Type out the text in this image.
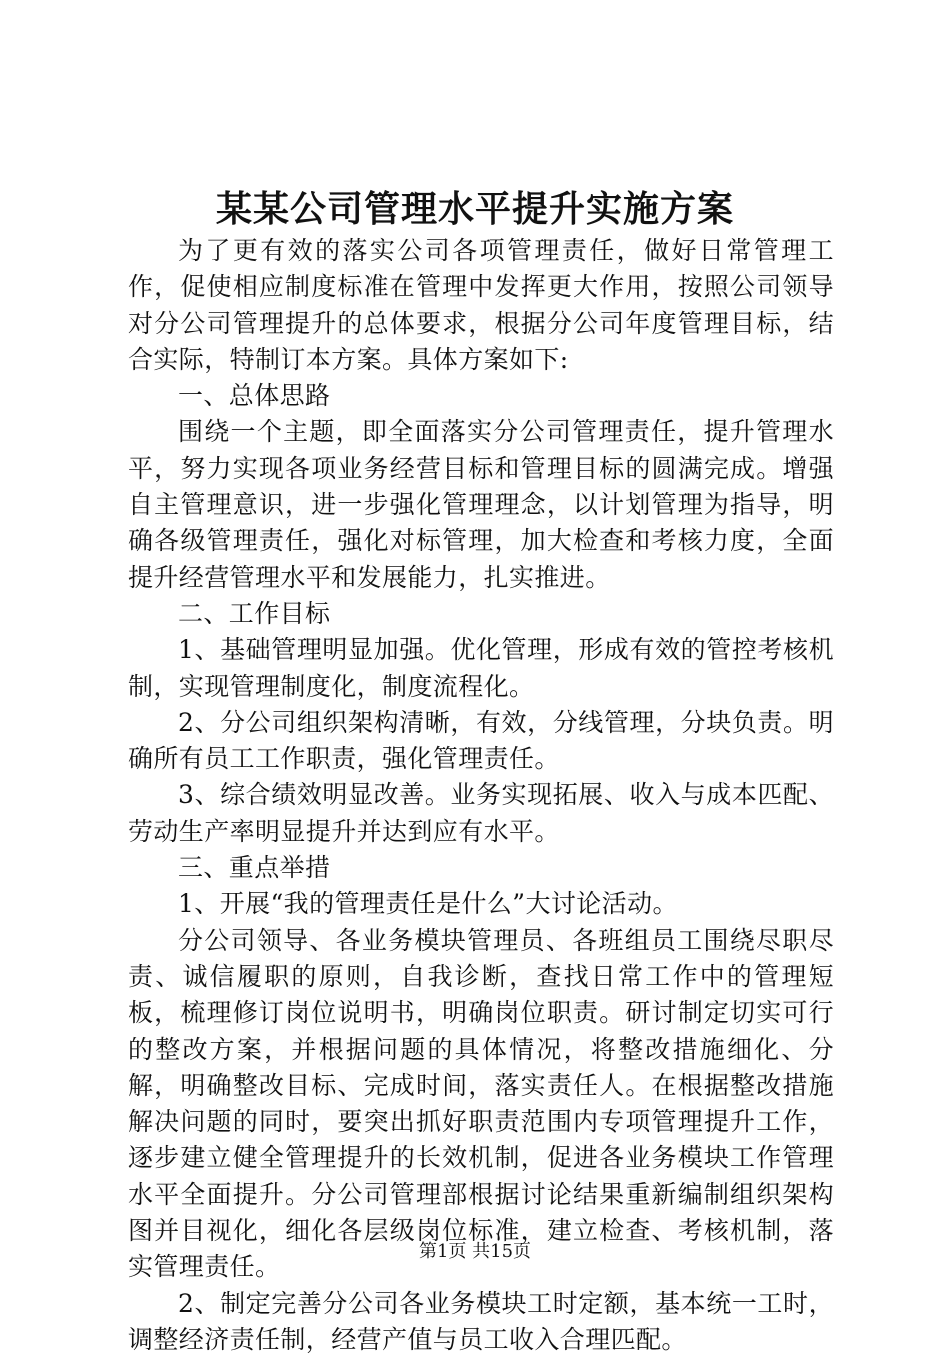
某某公司管理水平提升实施方案

为了更有效的落实公司各项管理责任，做好日常管理工作，促使相应制度标准在管理中发挥更大作用，按照公司领导对分公司管理提升的总体要求，根据分公司年度管理目标，结合实际，特制订本方案。具体方案如下:

一、总体思路

围绕一个主题，即全面落实分公司管理责任，提升管理水平，努力实现各项业务经营目标和管理目标的圆满完成。增强自主管理意识，进一步强化管理理念，以计划管理为指导，明确各级管理责任，强化对标管理，加大检查和考核力度，全面提升经营管理水平和发展能力，扎实推进。

二、工作目标

1、基础管理明显加强。优化管理，形成有效的管控考核机制，实现管理制度化，制度流程化。

2、分公司组织架构清晰，有效，分线管理，分块负责。明确所有员工工作职责，强化管理责任。

3、综合绩效明显改善。业务实现拓展、收入与成本匹配、劳动生产率明显提升并达到应有水平。

三、重点举措

1、开展“我的管理责任是什么”大讨论活动。

分公司领导、各业务模块管理员、各班组员工围绕尽职尽责、诚信履职的原则，自我诊断，查找日常工作中的管理短板，梳理修订岗位说明书，明确岗位职责。研讨制定切实可行的整改方案，并根据问题的具体情况，将整改措施细化、分解，明确整改目标、完成时间，落实责任人。在根据整改措施解决问题的同时，要突出抓好职责范围内专项管理提升工作，逐步建立健全管理提升的长效机制，促进各业务模块工作管理水平全面提升。分公司管理部根据讨论结果重新编制组织架构图并目视化，细化各层级岗位标准，建立检查、考核机制，落实管理责任。

2、制定完善分公司各业务模块工时定额，基本统一工时，调整经济责任制，经营产值与员工收入合理匹配。

第1页 共15页
